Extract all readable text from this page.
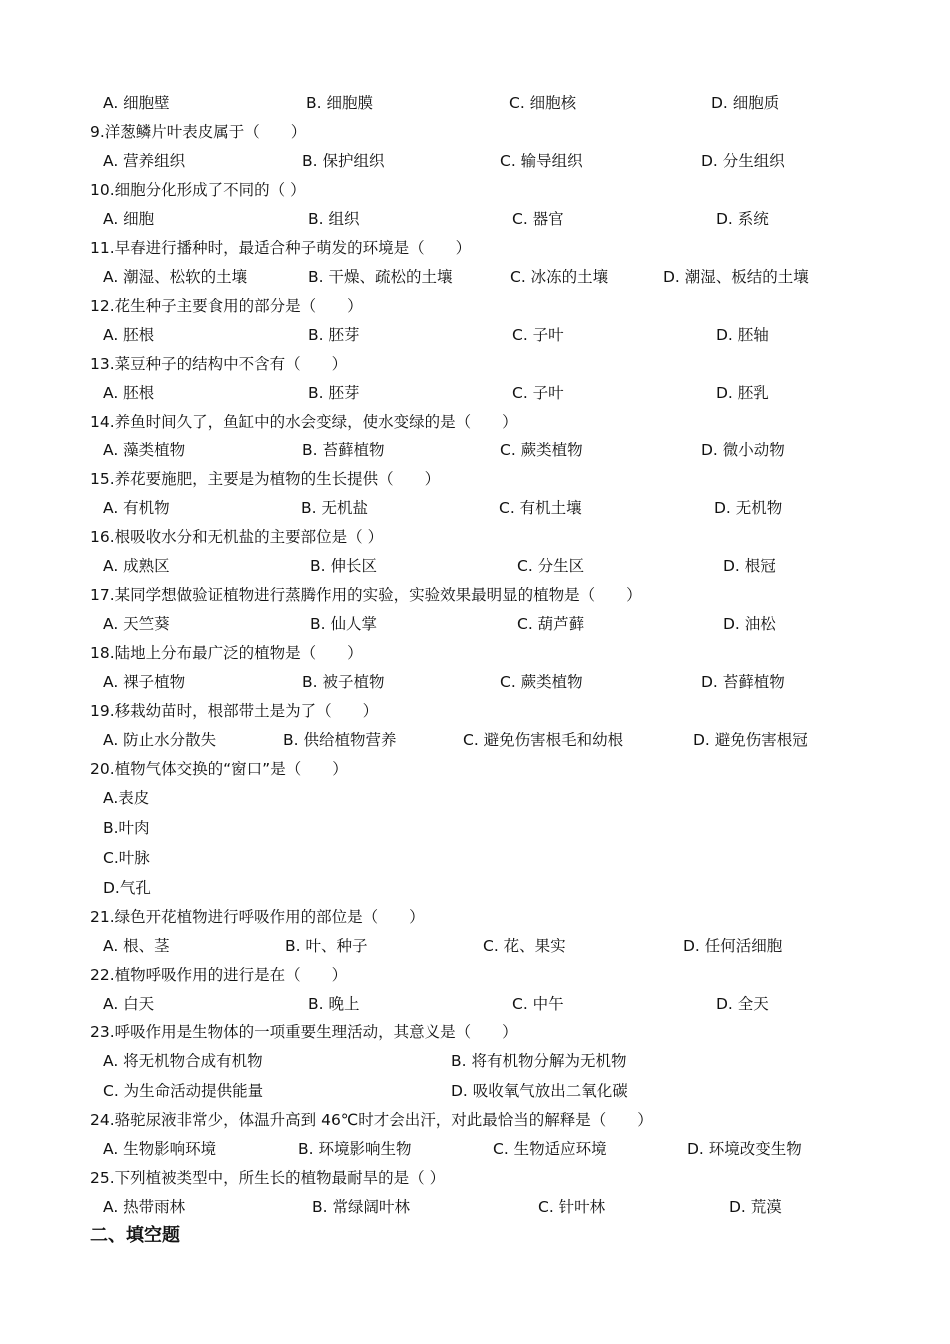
A. 细胞壁	B. 细胞膜	C. 细胞核	D. 细胞质
9.洋葱鳞片叶表皮属于（　　）
A. 营养组织	B. 保护组织	C. 输导组织	D. 分生组织
10.细胞分化形成了不同的（ ）
A. 细胞	B. 组织	C. 器官	D. 系统
11.早春进行播种时，最适合种子萌发的环境是（　　）
A. 潮湿、松软的土壤	B. 干燥、疏松的土壤	C. 冰冻的土壤	D. 潮湿、板结的土壤
12.花生种子主要食用的部分是（　　）
A. 胚根	B. 胚芽	C. 子叶	D. 胚轴
13.菜豆种子的结构中不含有（　　）
A. 胚根	B. 胚芽	C. 子叶	D. 胚乳
14.养鱼时间久了，鱼缸中的水会变绿，使水变绿的是（　　）
A. 藻类植物	B. 苔藓植物	C. 蕨类植物	D. 微小动物
15.养花要施肥，主要是为植物的生长提供（　　）
A. 有机物	B. 无机盐	C. 有机土壤	D. 无机物
16.根吸收水分和无机盐的主要部位是（ ）
A. 成熟区	B. 伸长区	C. 分生区	D. 根冠
17.某同学想做验证植物进行蒸腾作用的实验，实验效果最明显的植物是（　　）
A. 天竺葵	B. 仙人掌	C. 葫芦藓	D. 油松
18.陆地上分布最广泛的植物是（　　）
A. 裸子植物	B. 被子植物	C. 蕨类植物	D. 苔藓植物
19.移栽幼苗时，根部带土是为了（　　）
A. 防止水分散失	B. 供给植物营养	C. 避免伤害根毛和幼根	D. 避免伤害根冠
20.植物气体交换的“窗口”是（　　）
A.表皮
B.叶肉
C.叶脉
D.气孔
21.绿色开花植物进行呼吸作用的部位是（　　）
A. 根、茎	B. 叶、种子	C. 花、果实	D. 任何活细胞
22.植物呼吸作用的进行是在（　　）
A. 白天	B. 晚上	C. 中午	D. 全天
23.呼吸作用是生物体的一项重要生理活动，其意义是（　　）
A. 将无机物合成有机物	B. 将有机物分解为无机物
C. 为生命活动提供能量	D. 吸收氧气放出二氧化碳
24.骆驼尿液非常少，体温升高到 46℃时才会出汗，对此最恰当的解释是（　　）
A. 生物影响环境	B. 环境影响生物	C. 生物适应环境	D. 环境改变生物
25.下列植被类型中，所生长的植物最耐旱的是（ ）
A. 热带雨林	B. 常绿阔叶林	C. 针叶林	D. 荒漠
二、填空题
